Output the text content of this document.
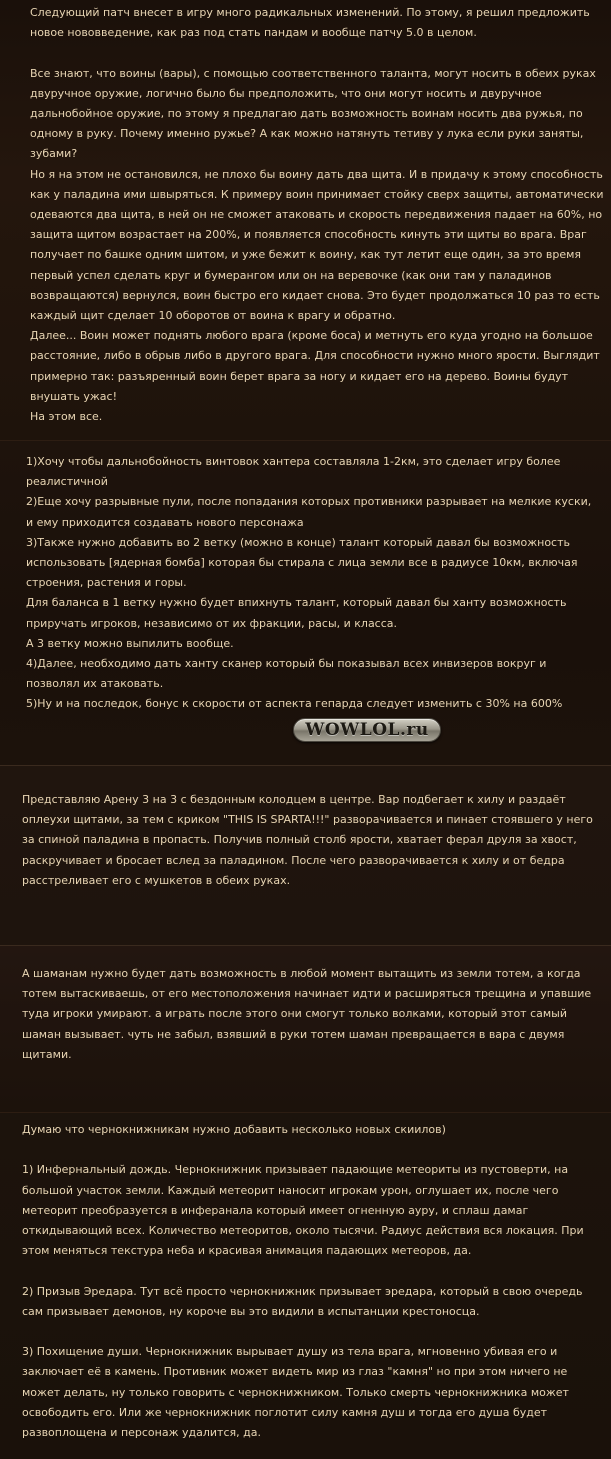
Следующий патч внесет в игру много радикальных изменений. По этому, я решил предложить
новое нововведение, как раз под стать пандам и вообще патчу 5.0 в целом.

Все знают, что воины (вары), с помощью соответственного таланта, могут носить в обеих руках
двуручное оружие, логично было бы предположить, что они могут носить и двуручное
дальнобойное оружие, по этому я предлагаю дать возможность воинам носить два ружья, по
одному в руку. Почему именно ружье? А как можно натянуть тетиву у лука если руки заняты,
зубами?
Но я на этом не остановился, не плохо бы воину дать два щита. И в придачу к этому способность
как у паладина ими швыряться. К примеру воин принимает стойку сверх защиты, автоматически
одеваются два щита, в ней он не сможет атаковать и скорость передвижения падает на 60%, но
защита щитом возрастает на 200%, и появляется способность кинуть эти щиты во врага. Враг
получает по башке одним шитом, и уже бежит к воину, как тут летит еще один, за это время
первый успел сделать круг и бумерангом или он на веревочке (как они там у паладинов
возвращаются) вернулся, воин быстро его кидает снова. Это будет продолжаться 10 раз то есть
каждый щит сделает 10 оборотов от воина к врагу и обратно.
Далее... Воин может поднять любого врага (кроме боса) и метнуть его куда угодно на большое
расстояние, либо в обрыв либо в другого врага. Для способности нужно много ярости. Выглядит
примерно так: разъяренный воин берет врага за ногу и кидает его на дерево. Воины будут
внушать ужас!
На этом все.
1)Хочу чтобы дальнобойность винтовок хантера составляла 1-2км, это сделает игру более
реалистичной
2)Еще хочу разрывные пули, после попадания которых противники разрывает на мелкие куски,
и ему приходится создавать нового персонажа
3)Также нужно добавить во 2 ветку (можно в конце) талант который давал бы возможность
использовать [ядерная бомба] которая бы стирала с лица земли все в радиусе 10км, включая
строения, растения и горы.
Для баланса в 1 ветку нужно будет впихнуть талант, который давал бы ханту возможность
приручать игроков, независимо от их фракции, расы, и класса.
А 3 ветку можно выпилить вообще.
4)Далее, необходимо дать ханту сканер который бы показывал всех инвизеров вокруг и
позволял их атаковать.
5)Ну и на последок, бонус к скорости от аспекта гепарда следует изменить с 30% на 600%
WOWLOL.ru
Представляю Арену 3 на 3 с бездонным колодцем в центре. Вар подбегает к хилу и раздаёт
оплеухи щитами, за тем с криком "THIS IS SPARTA!!!" разворачивается и пинает стоявшего у него
за спиной паладина в пропасть. Получив полный столб ярости, хватает ферал друля за хвост,
раскручивает и бросает вслед за паладином. После чего разворачивается к хилу и от бедра
расстреливает его с мушкетов в обеих руках.
А шаманам нужно будет дать возможность в любой момент вытащить из земли тотем, а когда
тотем вытаскиваешь, от его местоположения начинает идти и расширяться трещина и упавшие
туда игроки умирают. а играть после этого они смогут только волками, который этот самый
шаман вызывает. чуть не забыл, взявший в руки тотем шаман превращается в вара с двумя
щитами.
Думаю что чернокнижникам нужно добавить несколько новых скиилов)

1) Инфернальный дождь. Чернокнижник призывает падающие метеориты из пустоверти, на
большой участок земли. Каждый метеорит наносит игрокам урон, оглушает их, после чего
метеорит преобразуется в инферанала который имеет огненную ауру, и сплаш дамаг
откидывающий всех. Количество метеоритов, около тысячи. Радиус действия вся локация. При
этом меняться текстура неба и красивая анимация падающих метеоров, да.

2) Призыв Эредара. Тут всё просто чернокнижник призывает эредара, который в свою очередь
сам призывает демонов, ну короче вы это видили в испытанции крестоносца.

3) Похищение души. Чернокнижник вырывает душу из тела врага, мгновенно убивая его и
заключает её в камень. Противник может видеть мир из глаз "камня" но при этом ничего не
может делать, ну только говорить с чернокнижником. Только смерть чернокнижника может
освободить его. Или же чернокнижник поглотит силу камня душ и тогда его душа будет
развоплощена и персонаж удалится, да.
